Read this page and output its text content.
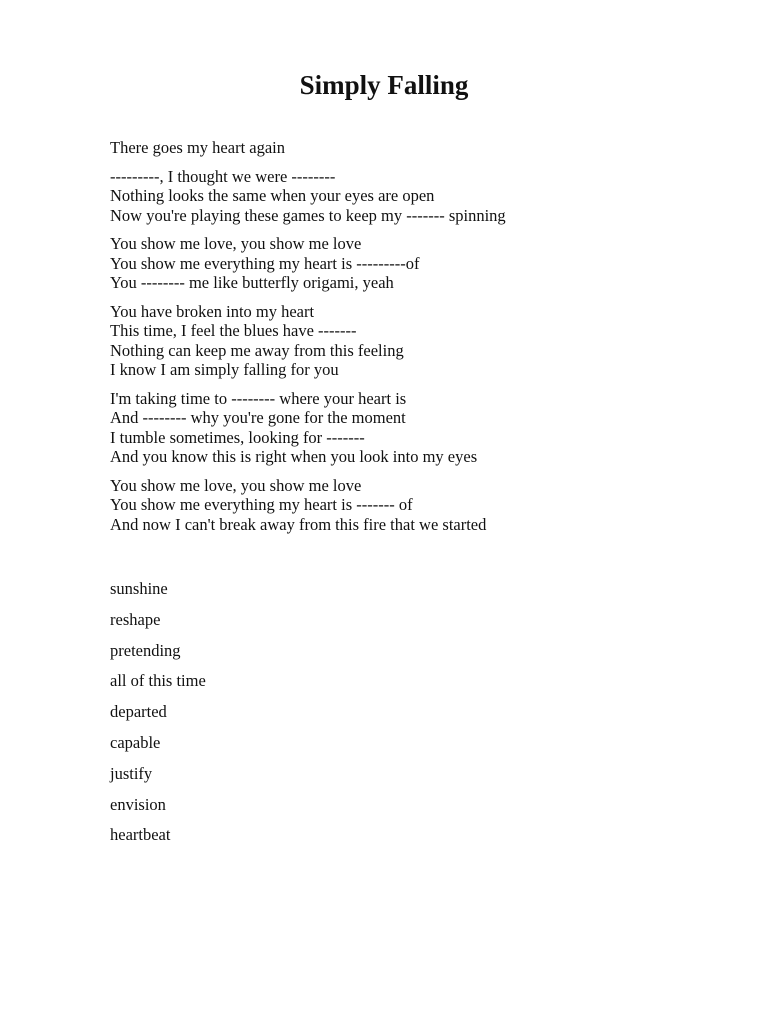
Simply Falling
There goes my heart again
---------, I thought we were --------
Nothing looks the same when your eyes are open
Now you're playing these games to keep my ------- spinning
You show me love, you show me love
You show me everything my heart is ---------of
You -------- me like butterfly origami, yeah
You have broken into my heart
This time, I feel the blues have -------
Nothing can keep me away from this feeling
I know I am simply falling for you
I'm taking time to -------- where your heart is
And -------- why you're gone for the moment
I tumble sometimes, looking for -------
And you know this is right when you look into my eyes
You show me love, you show me love
You show me everything my heart is ------- of
And now I can't break away from this fire that we started
sunshine
reshape
pretending
all of this time
departed
capable
justify
envision
heartbeat
